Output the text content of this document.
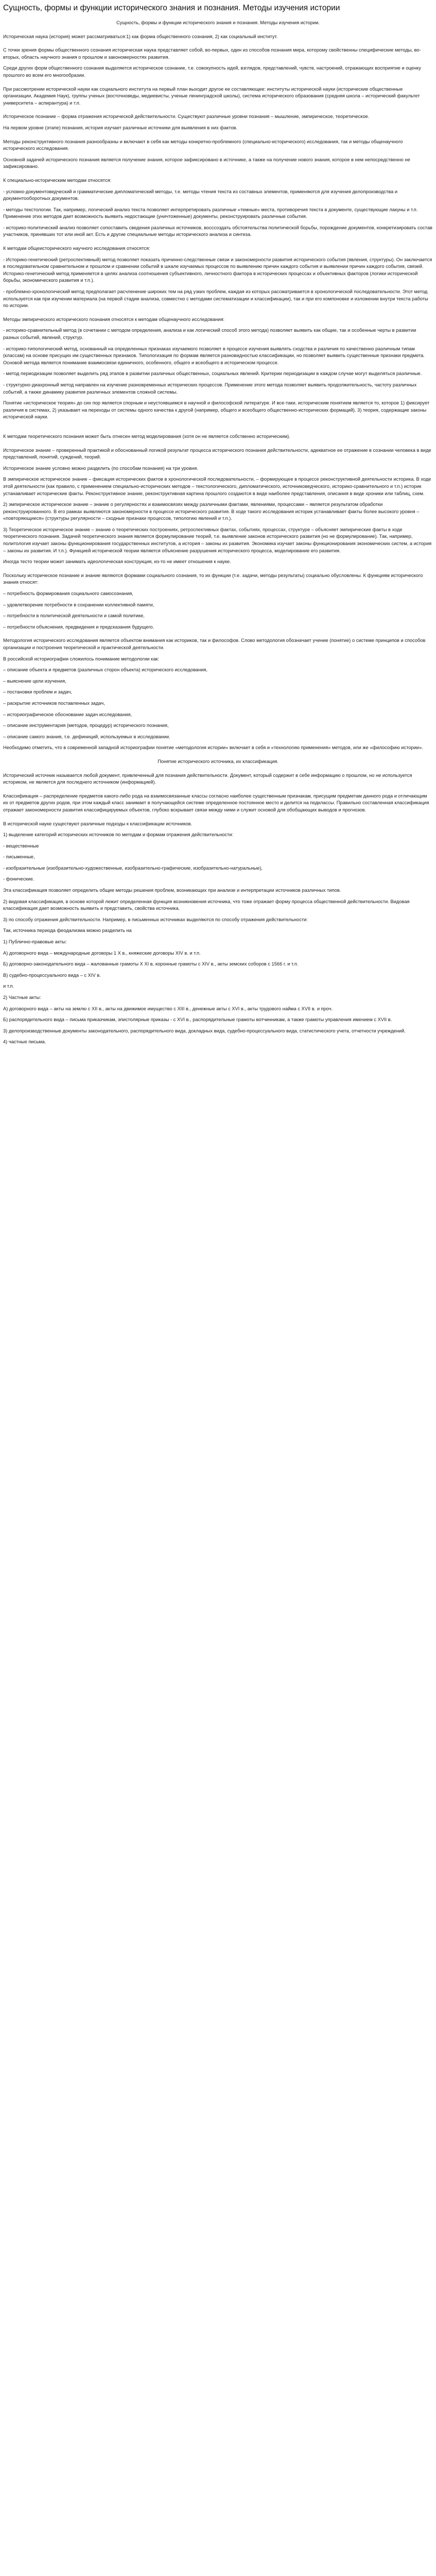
Сущность, формы и функции исторического знания и познания. Методы изучения истории

Сущность, формы и функции исторического знания и познания. Методы изучения истории.

Историческая наука (история) может рассматриваться:1) как форма общественного сознания, 2) как социальный институт.

С точки зрения формы общественного сознания историческая наука представляет собой, во-первых, один из способов познания мира, которому свойственны специфические методы, во-вторых, область научного знания о прошлом и закономерностях развития.

Среди других форм общественного сознания выделяется историческое сознание, т.е. совокупность идей, взглядов, представлений, чувств, настроений, отражающих восприятие и оценку прошлого во всем его многообразии.

При рассмотрении исторической науки как социального института на первый план выходит другое ее составляющее: институты исторической науки (исторические общественные организации, Академия Наук), группы ученых (восточноведы, медиевисты, ученые ленинградской школы), система исторического образования (средняя школа – исторический факультет университета – аспирантура) и т.п.

Историческое познание – форма отражения исторической действительности. Существуют различные уровни познания – мышление, эмпирическое, теоретическое.

На первом уровне (этапе) познания, история изучает различные источники для выявления в них фактов.

Методы реконструктивного познания разнообразны и включают в себя как методы конкретно-проблемного (специально-исторического) исследования, так и методы общенаучного исторического исследования.

Основной задачей исторического познания является получение знания, которое зафиксировано в источнике, а также на получение нового знания, которое в нем непосредственно не зафиксировано.

К специально-историческим методам относятся:

- условно-документоведческий и грамматические дипломатический методы, т.е. методы чтения текста из составных элементов, применяются для изучения делопроизводства и документооборотных документов.

- методы текстологии. Так, например, логический анализ текста позволяет интерпретировать различные «темные» места, противоречия текста в документе, существующие лакуны и т.п. Применение этих методов дает возможность выявить недостающие (уничтоженные) документы, реконструировать различные события.

- историко-политический анализ позволяет сопоставить сведения различных источников, восссоздать обстоятельства политической борьбы, порождение документов, конкретизировать состав участников, принявших тот или иной акт. Есть и другие специальные методы исторического анализа и синтеза.

К методам общеисторического научного исследования относятся:

- Историко-генетический (ретроспективный) метод позволяет показать причинно-следственные связи и закономерности развития исторического события (явления, структуры). Он заключается в последовательном сравнительном и прошлом и сравнении событий в шкале изучаемых процессов по выявлению причин каждого события и выявлении причин каждого события, связей. Историко-генетический метод применяется в целях анализа соотношения субъективного, личностного фактора в исторических процессах и объективных факторов (логики исторической борьбы, экономического развития и т.п.).

- проблемно-хронологический метод предполагает расчленение широких тем на ряд узких проблем, каждая из которых рассматривается в хронологической последовательности. Этот метод используется как при изучении материала (на первой стадии анализа, совместно с методами систематизации и классификации), так и при его компоновке и изложении внутри текста работы по истории.

Методы эмпирического исторического познания относятся к методам общенаучного исследования:

- историко-сравнительный метод (в сочетании с методом определения, анализа и как логический способ этого метода) позволяет выявить как общие, так и особенные черты в развитии разных событий, явлений, структур.

- историко-типологический метод, основанный на определенных признаках изучаемого позволяет в процессе изучения выявлять сходства и различия по качественно различным типам (классам) на основе присущих им существенных признаков. Типологизация по формам является разновидностью классификации, но позволяет выявить существенные признаки предмета. Основой метода является понимание взаимосвязи единичного, особенного, общего и всеобщего в историческом процессе.

- метод периодизации позволяет выделить ряд этапов в развитии различных общественных, социальных явлений. Критерии периодизации в каждом случае могут выделяться различные.

- структурно-диахронный метод направлен на изучение разновременных исторических процессов. Применение этого метода позволяет выявить продолжительность, частоту различных событий, а также динамику развития различных элементов сложной системы.

Понятие «историческое теория» до сих пор является спорным и неустоявшимся в научной и философской литературе. И все-таки, историческим понятием является то, которое 1) фиксирует различия в системах, 2) указывает на переходы от системы одного качества к другой (например, общего и всеобщего общественно-исторических формаций). 3) теория, содержащие законы исторической науки.

К методам теоретического познания может быть отнесен метод моделирования (хотя он не является собственно историческим).

Историческое знание – проверенный практикой и обоснованный логикой результат процесса исторического познания действительности, адекватное ее отражение в сознании человека в виде представлений, понятий, суждений, теорий.

Историческое знание условно можно разделить (по способам познания) на три уровня.

В эмпирическое историческое знание – фиксация исторических фактов в хронологической последовательности, – формирующее в процессе реконструктивной деятельности историка. В ходе этой деятельности (как правило, с применением специально-исторических методов – текстологического, дипломатического, источниковедческого, историко-сравнительного и т.п.) историк устанавливает исторические факты. Реконструктивное знание, реконструктивная картина прошлого создаются в виде наиболее представления, описания в виде хроники или таблиц, схем.

2) эмпирическое историческое знание – знание о регулярностях и взаимосвязях между различными фактами, явлениями, процессами – является результатом обработки реконструированного. В его рамках выявляются закономерности в процессе исторического развития. В ходе такого исследования историк устанавливает факты более высокого уровня – «повторяющиеся» (структуры регулярности – сходные признаки процессов, типологию явлений и т.п.).

3) Теоретическое историческое знание – знание о теоретических построениях, ретроспективных фактах, событиях, процессах, структуре – объясняет эмпирические факты в ходе теоретического познания. Задачей теоретического знания является формулирование теорий, т.е. выявление законов исторического развития (но не формулирование). Так, например, политология изучает законы функционирования государственных институтов, а история – законы их развития. Экономика изучает законы функционирования экономических систем, а история – законы их развития. И т.п.). Функцией исторической теории является объяснение разрушения исторического процесса, моделирование его развития.

Иногда тесто теории может занимать идеологическая конструкция, из-то не имеет отношения к науке.

Поскольку историческое познание и знание являются формами социального сознания, то их функции (т.е. задачи, методы результаты) социально обусловлены. К функциям исторического знания относят:

– потребность формирования социального самосознания,

– удовлетворение потребности в сохранении коллективной памяти,

– потребности в политической деятельности и самой политике,

– потребности объяснения, предвидения и предсказания будущего.

Методология исторического исследования является объектом внимания как историков, так и философов. Слово методология обозначает учение (понятие) о системе принципов и способов организации и построения теоретической и практической деятельности.

В российской историографии сложилось понимание методологии как:

– описание объекта и предметов (различных сторон объекта) исторического исследования,

– выяснение цели изучения,

– постановки проблем и задач,

– раскрытие источников поставленных задач,

– историографическое обоснование задач исследования,

– описание инструментария (методов, процедур) исторического познания,

– описание самого знания, т.е. дефиниций, используемых в исследовании.

Необходимо отметить, что в современной западной историографии понятие «методология истории» включает в себя и «технологию применения» методов, или же «философию истории».

Понятие исторического источника, их классификация.

Исторический источник называется любой документ, привлеченный для познания действительности. Документ, который содержит в себе информацию о прошлом, но не используется историком, не является для последнего источником (информацией).

Классификация – распределение предметов какого-либо рода на взаимосвязанные классы согласно наиболее существенным признакам, присущим предметам данного рода и отличающим их от предметов других родов, при этом каждый класс занимает в получающейся системе определенное постоянное место и делится на подклассы. Правильно составленная классификация отражает закономерности развития классифицируемых объектов, глубоко вскрывает связи между ними и служит основой для обобщающих выводов и прогнозов.

В исторической науке существуют различные подходы к классификации источников.

1) выделение категорий исторических источников по методам и формам отражения действительности:

- вещественные

- письменные,

- изобразительные (изобразительно-художественные, изобразительно-графические, изобразительно-натуральные),

- фонические.

Эта классификация позволяет определить общие методы решения проблем, возникающих при анализе и интерпретации источников различных типов.

2) видовая классификация, в основе которой лежит определенная функция возникновения источника, что тоже отражает форму процесса общественной действительности. Видовая классификация дает возможность выявить и представить, свойства источника.

3) по способу отражения действительности. Например, в письменных источниках выделяются по способу отражения действительности:

Так, источника периода феодализма можно разделить на

1) Публично-правовые акты:

А) договорного вида – международные договоры 1 Х в., княжеские договоры ХIV в. и т.п.

Б) договорно-законодательного вида – жалованные грамоты Х ХI в, коронные грамоты с ХIV в., акты земских соборов с 1566 г. и т.п.

В) судебно-процессуального вида – с XIV в.

и т.п.

2) Частные акты:

А) договорного вида – акты на землю с ХII в., акты на движимое имущество с XIII в., денежные акты с ХVI в., акты трудового найма с ХVII в. и проч.

Б) распорядительного вида – письма приказчикам, эпистолярные приказы - с XVI в., распорядительные грамоты вотчинникам, а также грамоты управления имением с ХVII в.

3) делопроизводственные документы законодательного, распорядительного вида, докладных вида, судебно-процессуального вида, статистического учета, отчетности учреждений.

4) частные письма.
